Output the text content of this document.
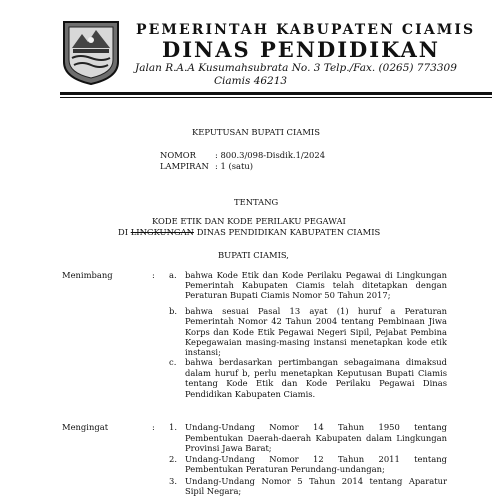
PEMERINTAH KABUPATEN CIAMIS
DINAS PENDIDIKAN
Jalan R.A.A Kusumahsubrata No. 3 Telp./Fax. (0265) 773309
Ciamis 46213
KEPUTUSAN BUPATI CIAMIS
NOMOR : 800.3/098-Disdik.1/2024
LAMPIRAN : 1 (satu)
TENTANG
KODE ETIK DAN KODE PERILAKU PEGAWAI
DI LINGKUNGAN DINAS PENDIDIKAN KABUPATEN CIAMIS
BUPATI CIAMIS,
Menimbang	: a. bahwa Kode Etik dan Kode Perilaku Pegawai di Lingkungan
Pemerintah Kabupaten Ciamis telah ditetapkan dengan
Peraturan Bupati Ciamis Nomor 50 Tahun 2017;
b. bahwa sesuai Pasal 13 ayat (1) huruf a Peraturan
Pemerintah Nomor 42 Tahun 2004 tentang Pembinaan Jiwa
Korps dan Kode Etik Pegawai Negeri Sipil, Pejabat Pembina
Kepegawaian masing-masing instansi menetapkan kode etik
instansi;
c. bahwa berdasarkan pertimbangan sebagaimana dimaksud
dalam huruf b, perlu menetapkan Keputusan Bupati Ciamis
tentang Kode Etik dan Kode Perilaku Pegawai Dinas
Pendidikan Kabupaten Ciamis.
Mengingat	: 1. Undang-Undang Nomor 14 Tahun 1950 tentang
Pembentukan Daerah-daerah Kabupaten dalam Lingkungan
Provinsi Jawa Barat;
2. Undang-Undang Nomor 12 Tahun 2011 tentang
Pembentukan Peraturan Perundang-undangan;
3. Undang-Undang Nomor 5 Tahun 2014 tentang Aparatur
Sipil Negara;
